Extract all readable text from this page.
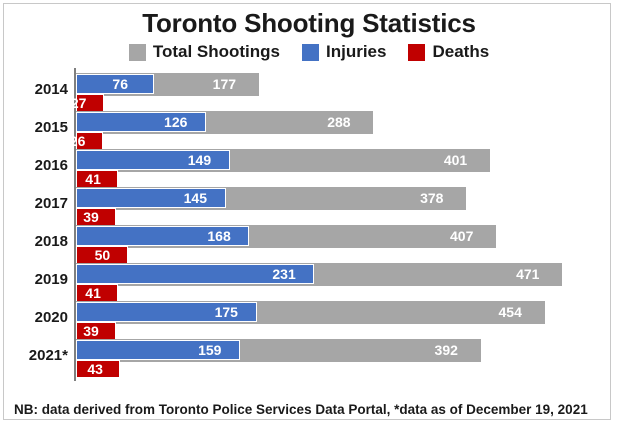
Toronto Shooting Statistics
Total Shootings	Injuries	Deaths
2014	177
76
27
2015	288
126
26
2016	401
149
41
2017	378
145
39
2018	407
168
50
2019	471
231
41
2020	454
175
39
2021*	392
159
43
NB: data derived from Toronto Police Services Data Portal, *data as of December 19, 2021
